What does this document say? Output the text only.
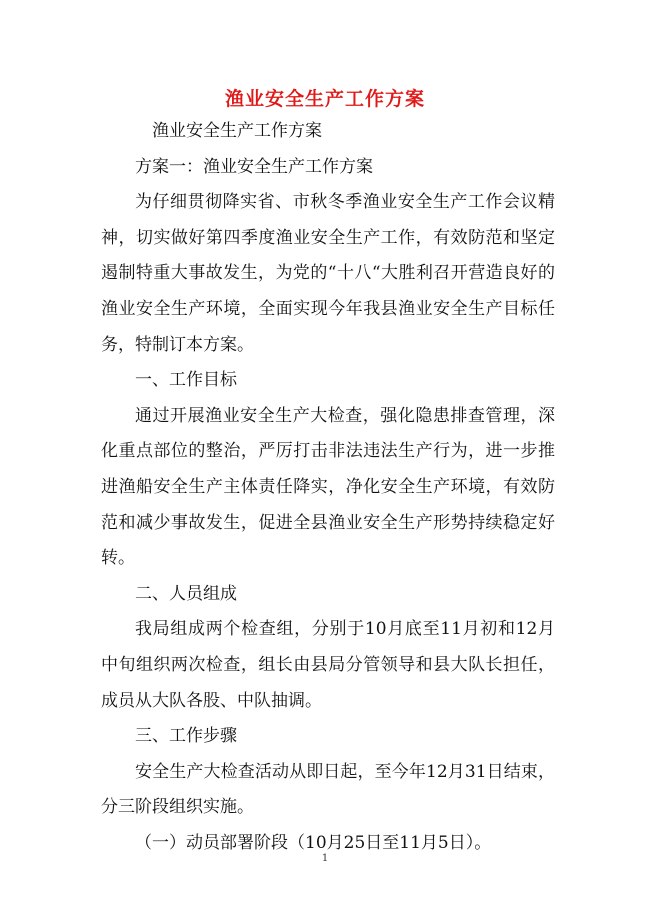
渔业安全生产工作方案

渔业安全生产工作方案

方案一：渔业安全生产工作方案

为仔细贯彻降实省、市秋冬季渔业安全生产工作会议精神，切实做好第四季度渔业安全生产工作，有效防范和坚定遏制特重大事故发生，为党的“十八“大胜利召开营造良好的渔业安全生产环境，全面实现今年我县渔业安全生产目标任务，特制订本方案。

一、工作目标

通过开展渔业安全生产大检查，强化隐患排查管理，深化重点部位的整治，严厉打击非法违法生产行为，进一步推进渔船安全生产主体责任降实，净化安全生产环境，有效防范和减少事故发生，促进全县渔业安全生产形势持续稳定好转。

二、人员组成

我局组成两个检查组，分别于10月底至11月初和12月中旬组织两次检查，组长由县局分管领导和县大队长担任，成员从大队各股、中队抽调。

三、工作步骤

安全生产大检查活动从即日起，至今年12月31日结束，分三阶段组织实施。

（一）动员部署阶段（10月25日至11月5日）。

1
